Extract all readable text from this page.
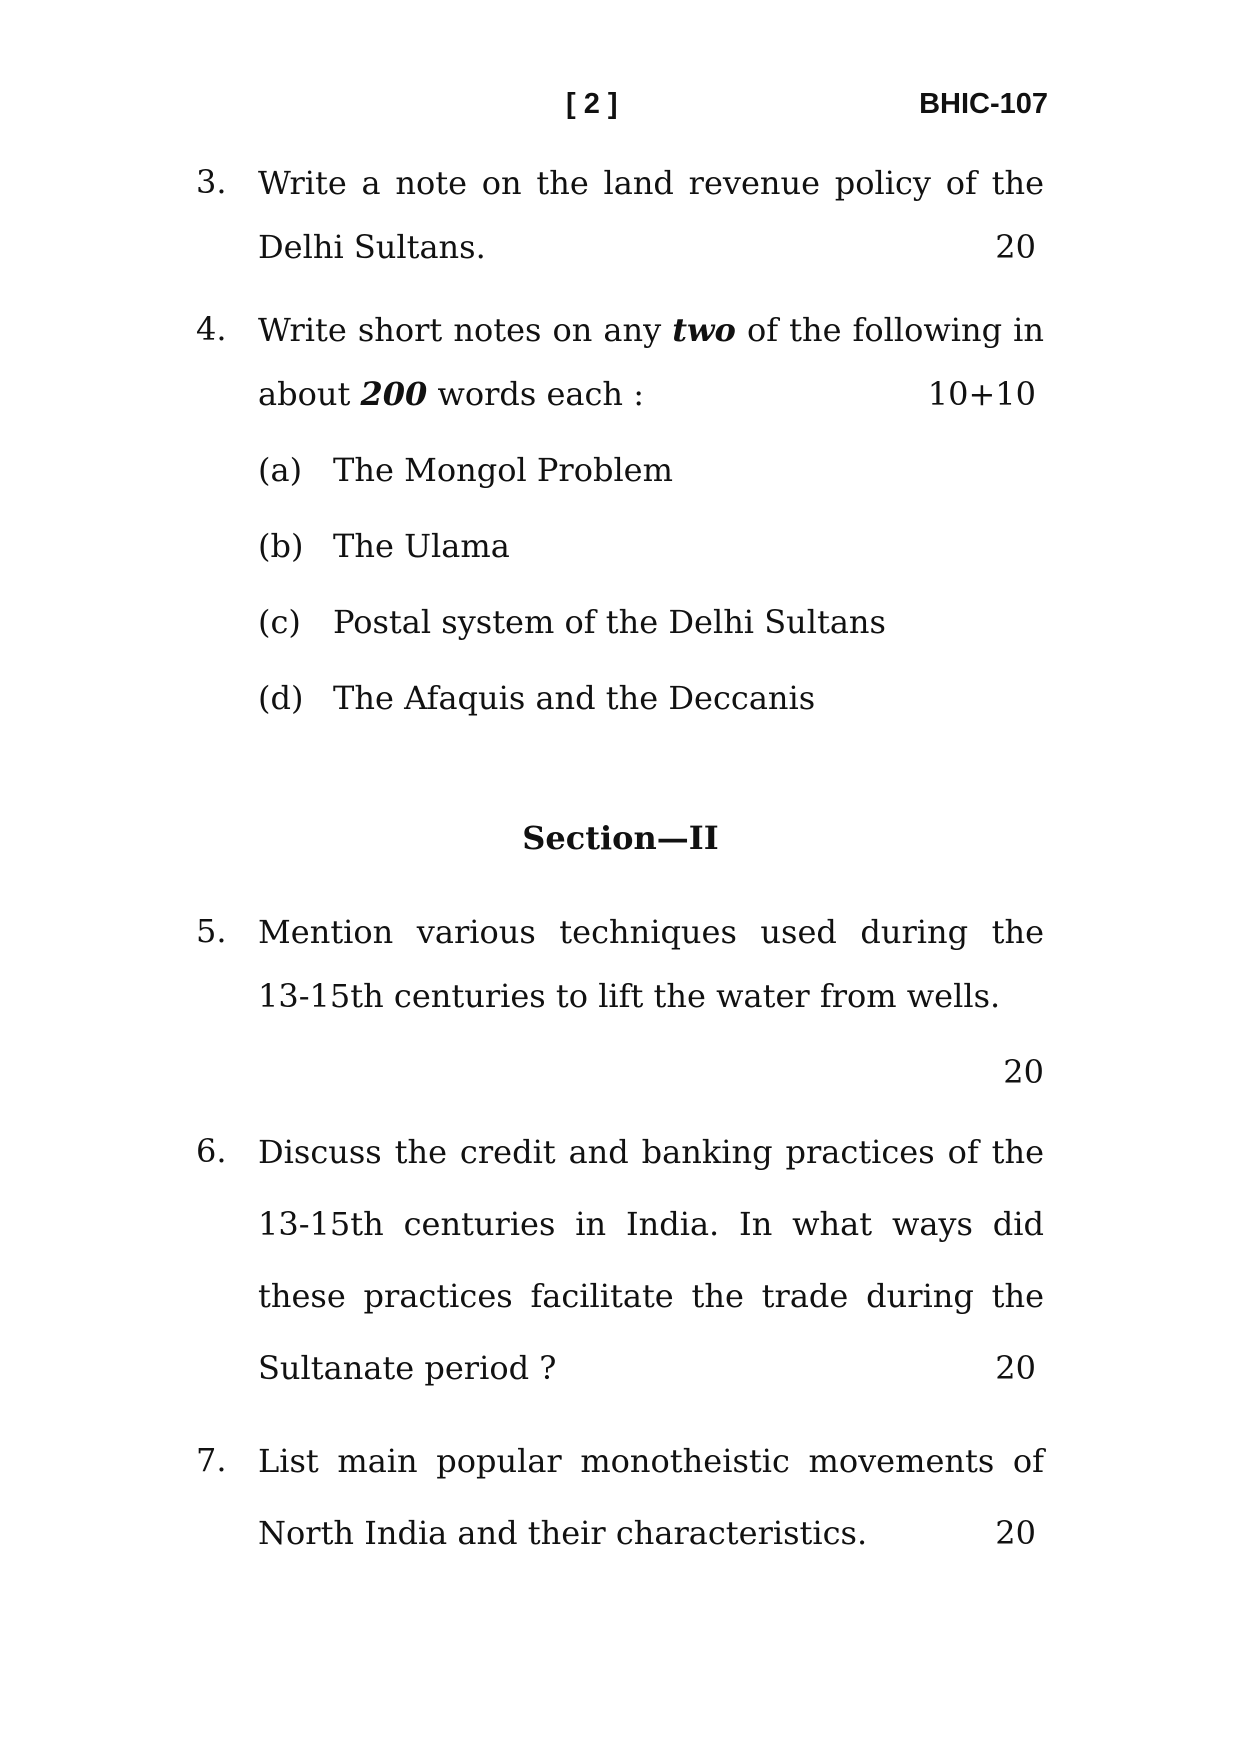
[ 2 ]	BHIC-107
3. Write a note on the land revenue policy of the
Delhi Sultans.	20
4. Write short notes on any two of the following in
about 200 words each :	10+10
(a) The Mongol Problem
(b) The Ulama
(c) Postal system of the Delhi Sultans
(d) The Afaquis and the Deccanis
Section—II
5. Mention various techniques used during the
13-15th centuries to lift the water from wells.
20
6. Discuss the credit and banking practices of the
13-15th centuries in India. In what ways did
these practices facilitate the trade during the
Sultanate period ?	20
7. List main popular monotheistic movements of
North India and their characteristics.	20
